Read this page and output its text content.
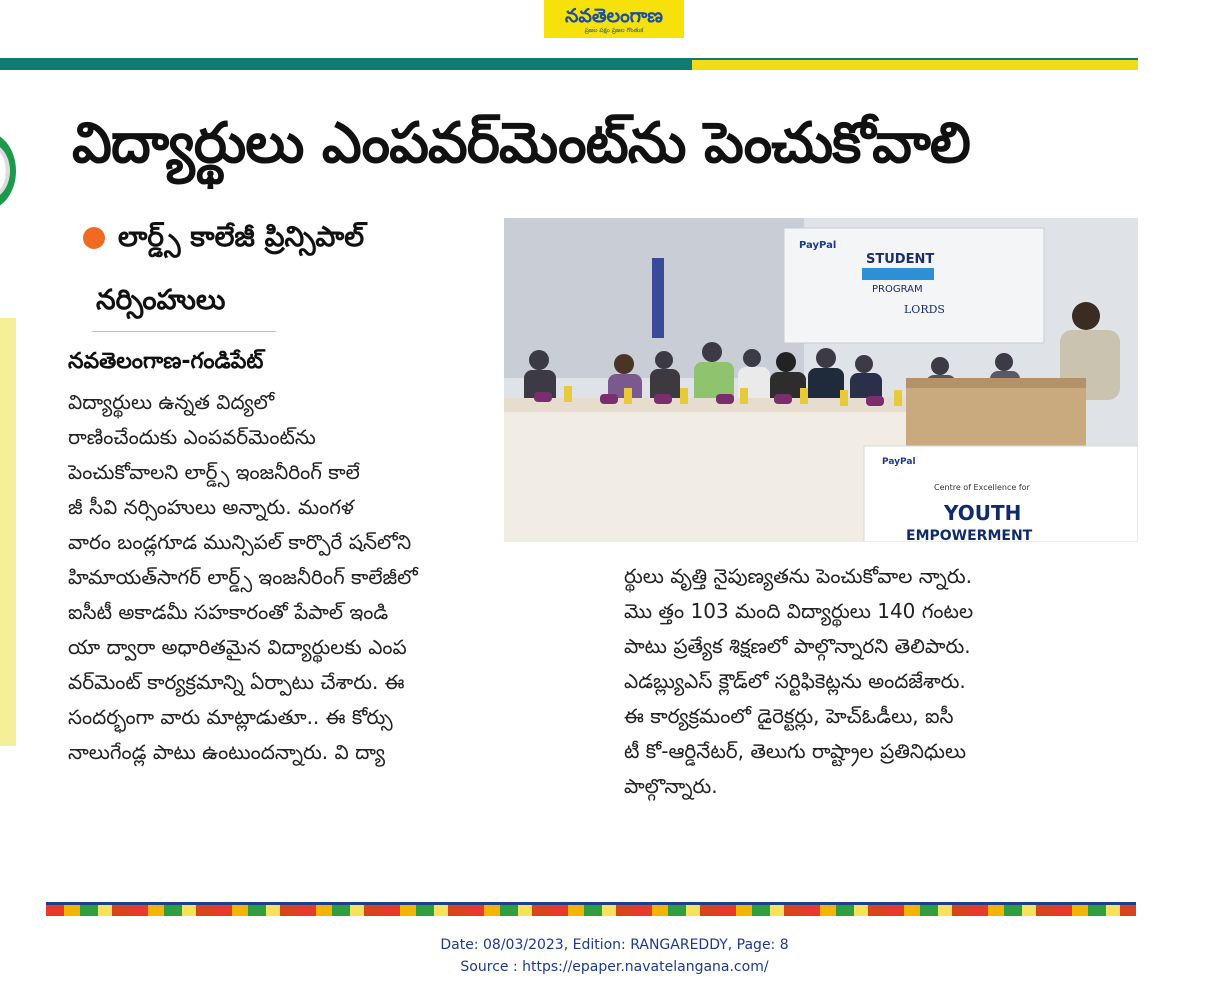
నవతెలంగాణ
ప్రజల పక్షం ప్రజల గొంతుక
విద్యార్థులు ఎంపవర్‌మెంట్‌ను పెంచుకోవాలి
లార్డ్స్ కాలేజీ ప్రిన్సిపాల్
నర్సింహులు
నవతెలంగాణ-గండిపేట్
విద్యార్థులు ఉన్నత విద్యలో
రాణించేందుకు ఎంపవర్‌మెంట్‌ను
పెంచుకోవాలని లార్డ్స్ ఇంజనీరింగ్ కాలే
జీ సీవి నర్సింహులు అన్నారు. మంగళ
వారం బండ్లగూడ మున్సిపల్ కార్పొరే షన్‌లోని
హిమాయత్‌సాగర్ లార్డ్స్ ఇంజనీరింగ్ కాలేజీలో
ఐసీటీ అకాడమీ సహకారంతో పేపాల్ ఇండి
యా ద్వారా అధారితమైన విద్యార్థులకు ఎంప
వర్‌మెంట్ కార్యక్రమాన్ని ఏర్పాటు చేశారు. ఈ
సందర్భంగా వారు మాట్లాడుతూ.. ఈ కోర్సు
నాలుగేండ్ల పాటు ఉంటుందన్నారు. వి ద్యా
ర్థులు వృత్తి నైపుణ్యతను పెంచుకోవాల న్నారు.
మొ త్తం 103 మంది విద్యార్థులు 140 గంటల
పాటు ప్రత్యేక శిక్షణలో పాల్గొన్నారని తెలిపారు.
ఎడబ్ల్యుఎస్ క్లౌడ్‌లో సర్టిఫికెట్లను అందజేశారు.
ఈ కార్యక్రమంలో డైరెక్టర్లు, హెచ్ఓడీలు, ఐసీ
టీ కో-ఆర్డినేటర్, తెలుగు రాష్ట్రాల ప్రతినిధులు
పాల్గొన్నారు.
PayPal
STUDENT
PROGRAM
LORDS
PayPal
Centre of Excellence for
YOUTH
EMPOWERMENT
Date: 08/03/2023, Edition: RANGAREDDY, Page: 8
Source : https://epaper.navatelangana.com/
